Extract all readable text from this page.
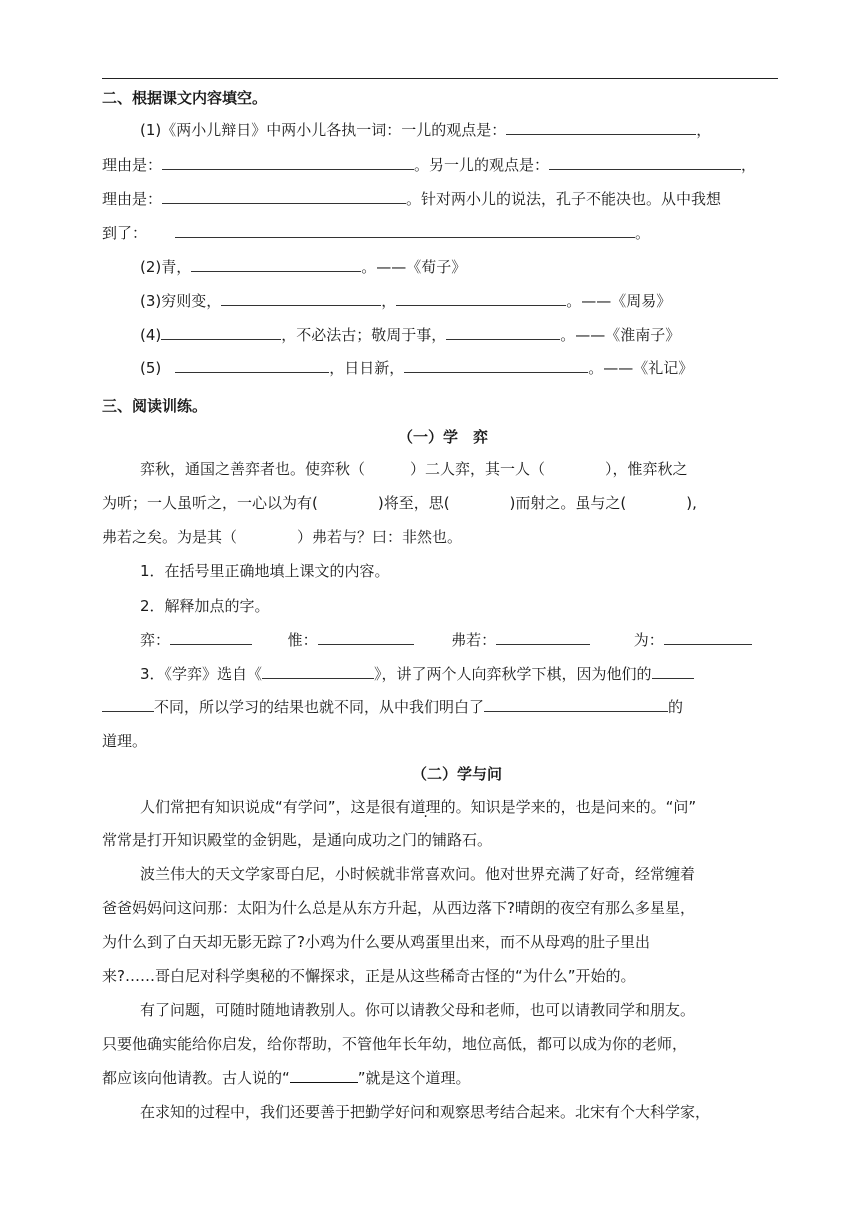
二、根据课文内容填空。
(1)《两小儿辩日》中两小儿各执一词：一儿的观点是：	，
理由是：	。另一儿的观点是：	，
理由是：	。针对两小儿的说法，孔子不能决也。从中我想
到了：	。
(2)青，	。——《荀子》
(3)穷则变，	，	。——《周易》
(4)	，不必法古；敬周于事，	。——《淮南子》
(5)	，日日新，	。——《礼记》
三、阅读训练。
（一）学　弈
弈秋，通国之善弈者也。使弈秋（　　　）二人弈，其一人（　　　　），惟弈秋之
为听；一人虽听之，一心以为有(　　　　)将至，思(　　　　)而射之。虽与之(　　　　),
弗若之矣。为是其（　　　　）弗若与？曰：非然也。
1．在括号里正确地填上课文的内容。
2．解释加点的字。
弈：	惟：	弗若：	为：
3．《学弈》选自《	》，讲了两个人向弈秋学下棋，因为他们的
不同，所以学习的结果也就不同，从中我们明白了	的
道理。
（二）学与问
人们常把有知识说成“有学问”，这是很有道理的。知识是学来的，也是问来的。“问”
常常是打开知识殿堂的金钥匙，是通向成功之门的铺路石。
波兰伟大的天文学家哥白尼，小时候就非常喜欢问。他对世界充满了好奇，经常缠着
爸爸妈妈问这问那：太阳为什么总是从东方升起，从西边落下?晴朗的夜空有那么多星星，
为什么到了白天却无影无踪了?小鸡为什么要从鸡蛋里出来，而不从母鸡的肚子里出
来?……哥白尼对科学奥秘的不懈探求，正是从这些稀奇古怪的“为什么”开始的。
有了问题，可随时随地请教别人。你可以请教父母和老师，也可以请教同学和朋友。
只要他确实能给你启发，给你帮助，不管他年长年幼，地位高低，都可以成为你的老师，
都应该向他请教。古人说的“	”就是这个道理。
在求知的过程中，我们还要善于把勤学好问和观察思考结合起来。北宋有个大科学家，
